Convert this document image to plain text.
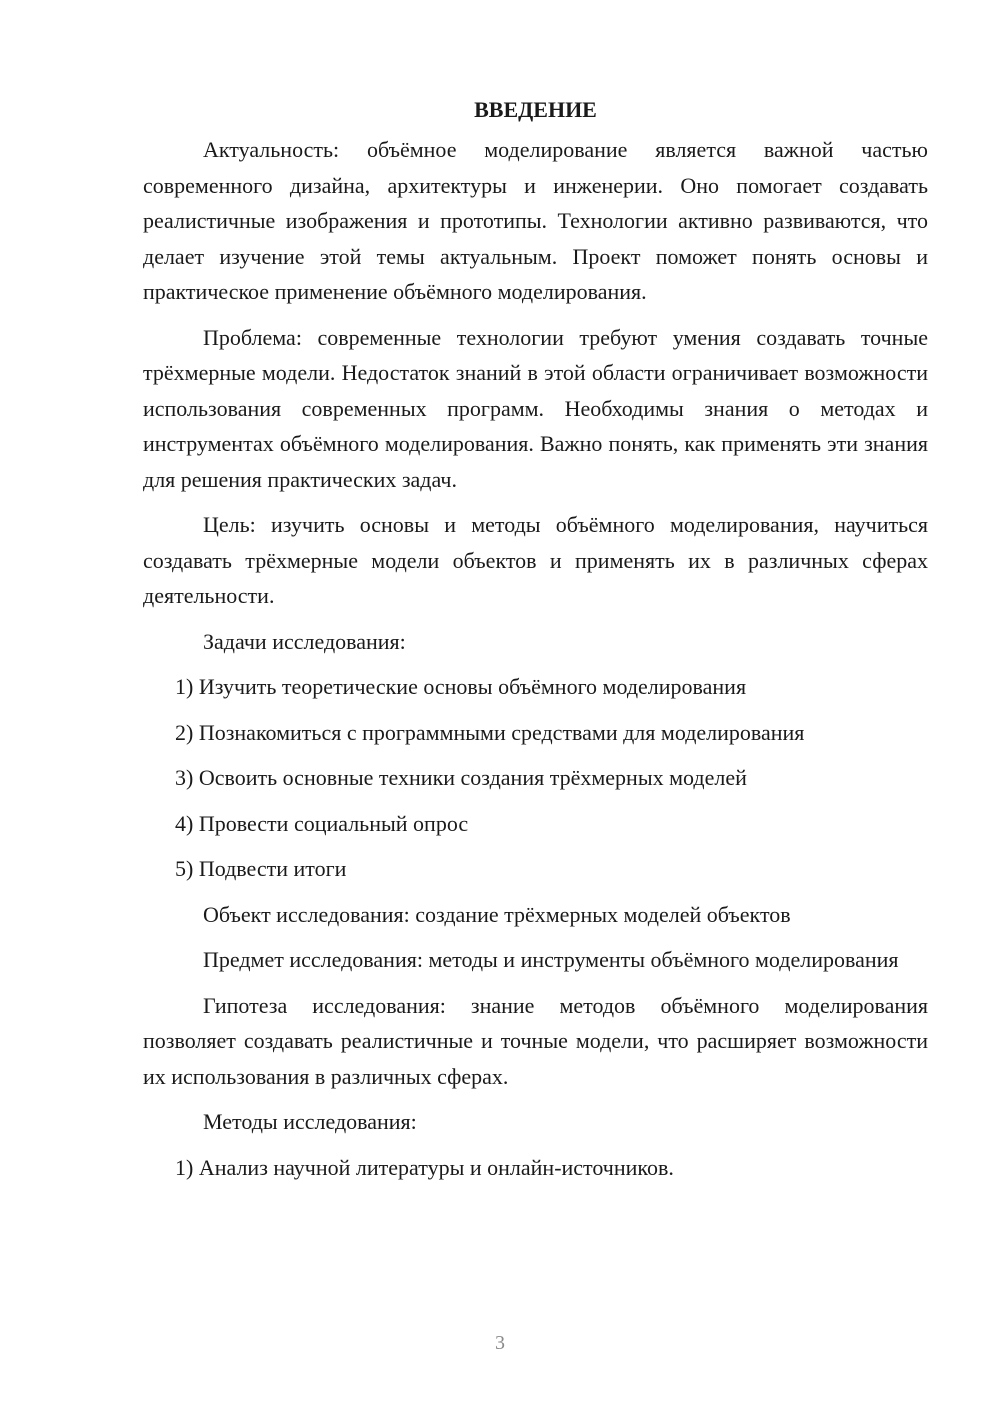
ВВЕДЕНИЕ

Актуальность: объёмное моделирование является важной частью современного дизайна, архитектуры и инженерии. Оно помогает создавать реалистичные изображения и прототипы. Технологии активно развиваются, что делает изучение этой темы актуальным. Проект поможет понять основы и практическое применение объёмного моделирования.

Проблема: современные технологии требуют умения создавать точные трёхмерные модели. Недостаток знаний в этой области ограничивает возможности использования современных программ. Необходимы знания о методах и инструментах объёмного моделирования. Важно понять, как применять эти знания для решения практических задач.

Цель: изучить основы и методы объёмного моделирования, научиться создавать трёхмерные модели объектов и применять их в различных сферах деятельности.

Задачи исследования:
1) Изучить теоретические основы объёмного моделирования
2) Познакомиться с программными средствами для моделирования
3) Освоить основные техники создания трёхмерных моделей
4) Провести социальный опрос
5) Подвести итоги
Объект исследования: создание трёхмерных моделей объектов

Предмет исследования: методы и инструменты объёмного моделирования

Гипотеза исследования: знание методов объёмного моделирования позволяет создавать реалистичные и точные модели, что расширяет возможности их использования в различных сферах.

Методы исследования:
1) Анализ научной литературы и онлайн-источников.
3
